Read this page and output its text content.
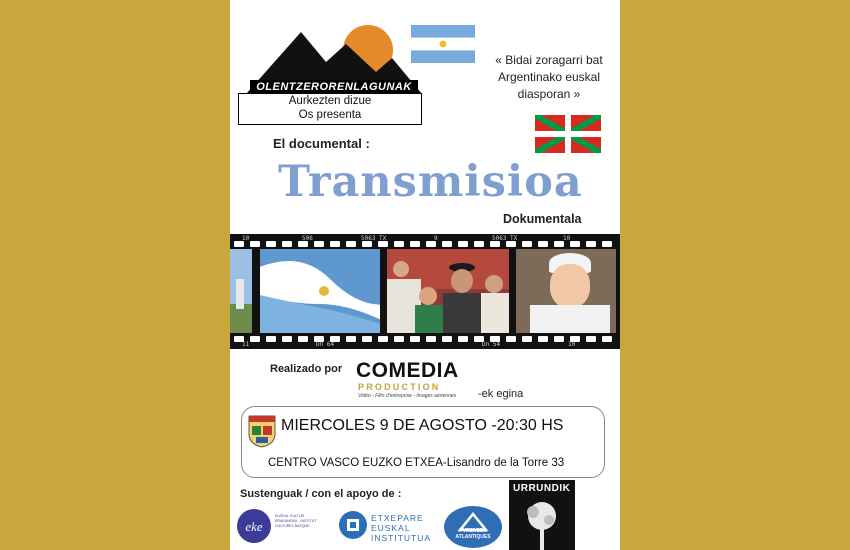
OLENTZERORENLAGUNAK
Aurkezten dizue
Os presenta
« Bidai zoragarri bat Argentinako euskal diasporan »
El documental :
Transmisioa
Dokumentala
10	506	5063 TX	9	5063 TX	10
11	Dn 64	Dn 54	10
Realizado por COMEDIA
PRODUCTION
Vidéo - Film d'entreprise - Images aériennes -ek egina
MIERCOLES 9 DE AGOSTO -20:30 HS
CENTRO VASCO EUZKO ETXEA-Lisandro de la Torre 33
Sustenguak / con el apoyo de :
eke
EUSKAL KULTUR ERAKUNDEA · INSTITUT CULTUREL BASQUE
ETXEPARE EUSKAL INSTITUTUA
PYRENEES ATLANTIQUES
URRUNDIK
